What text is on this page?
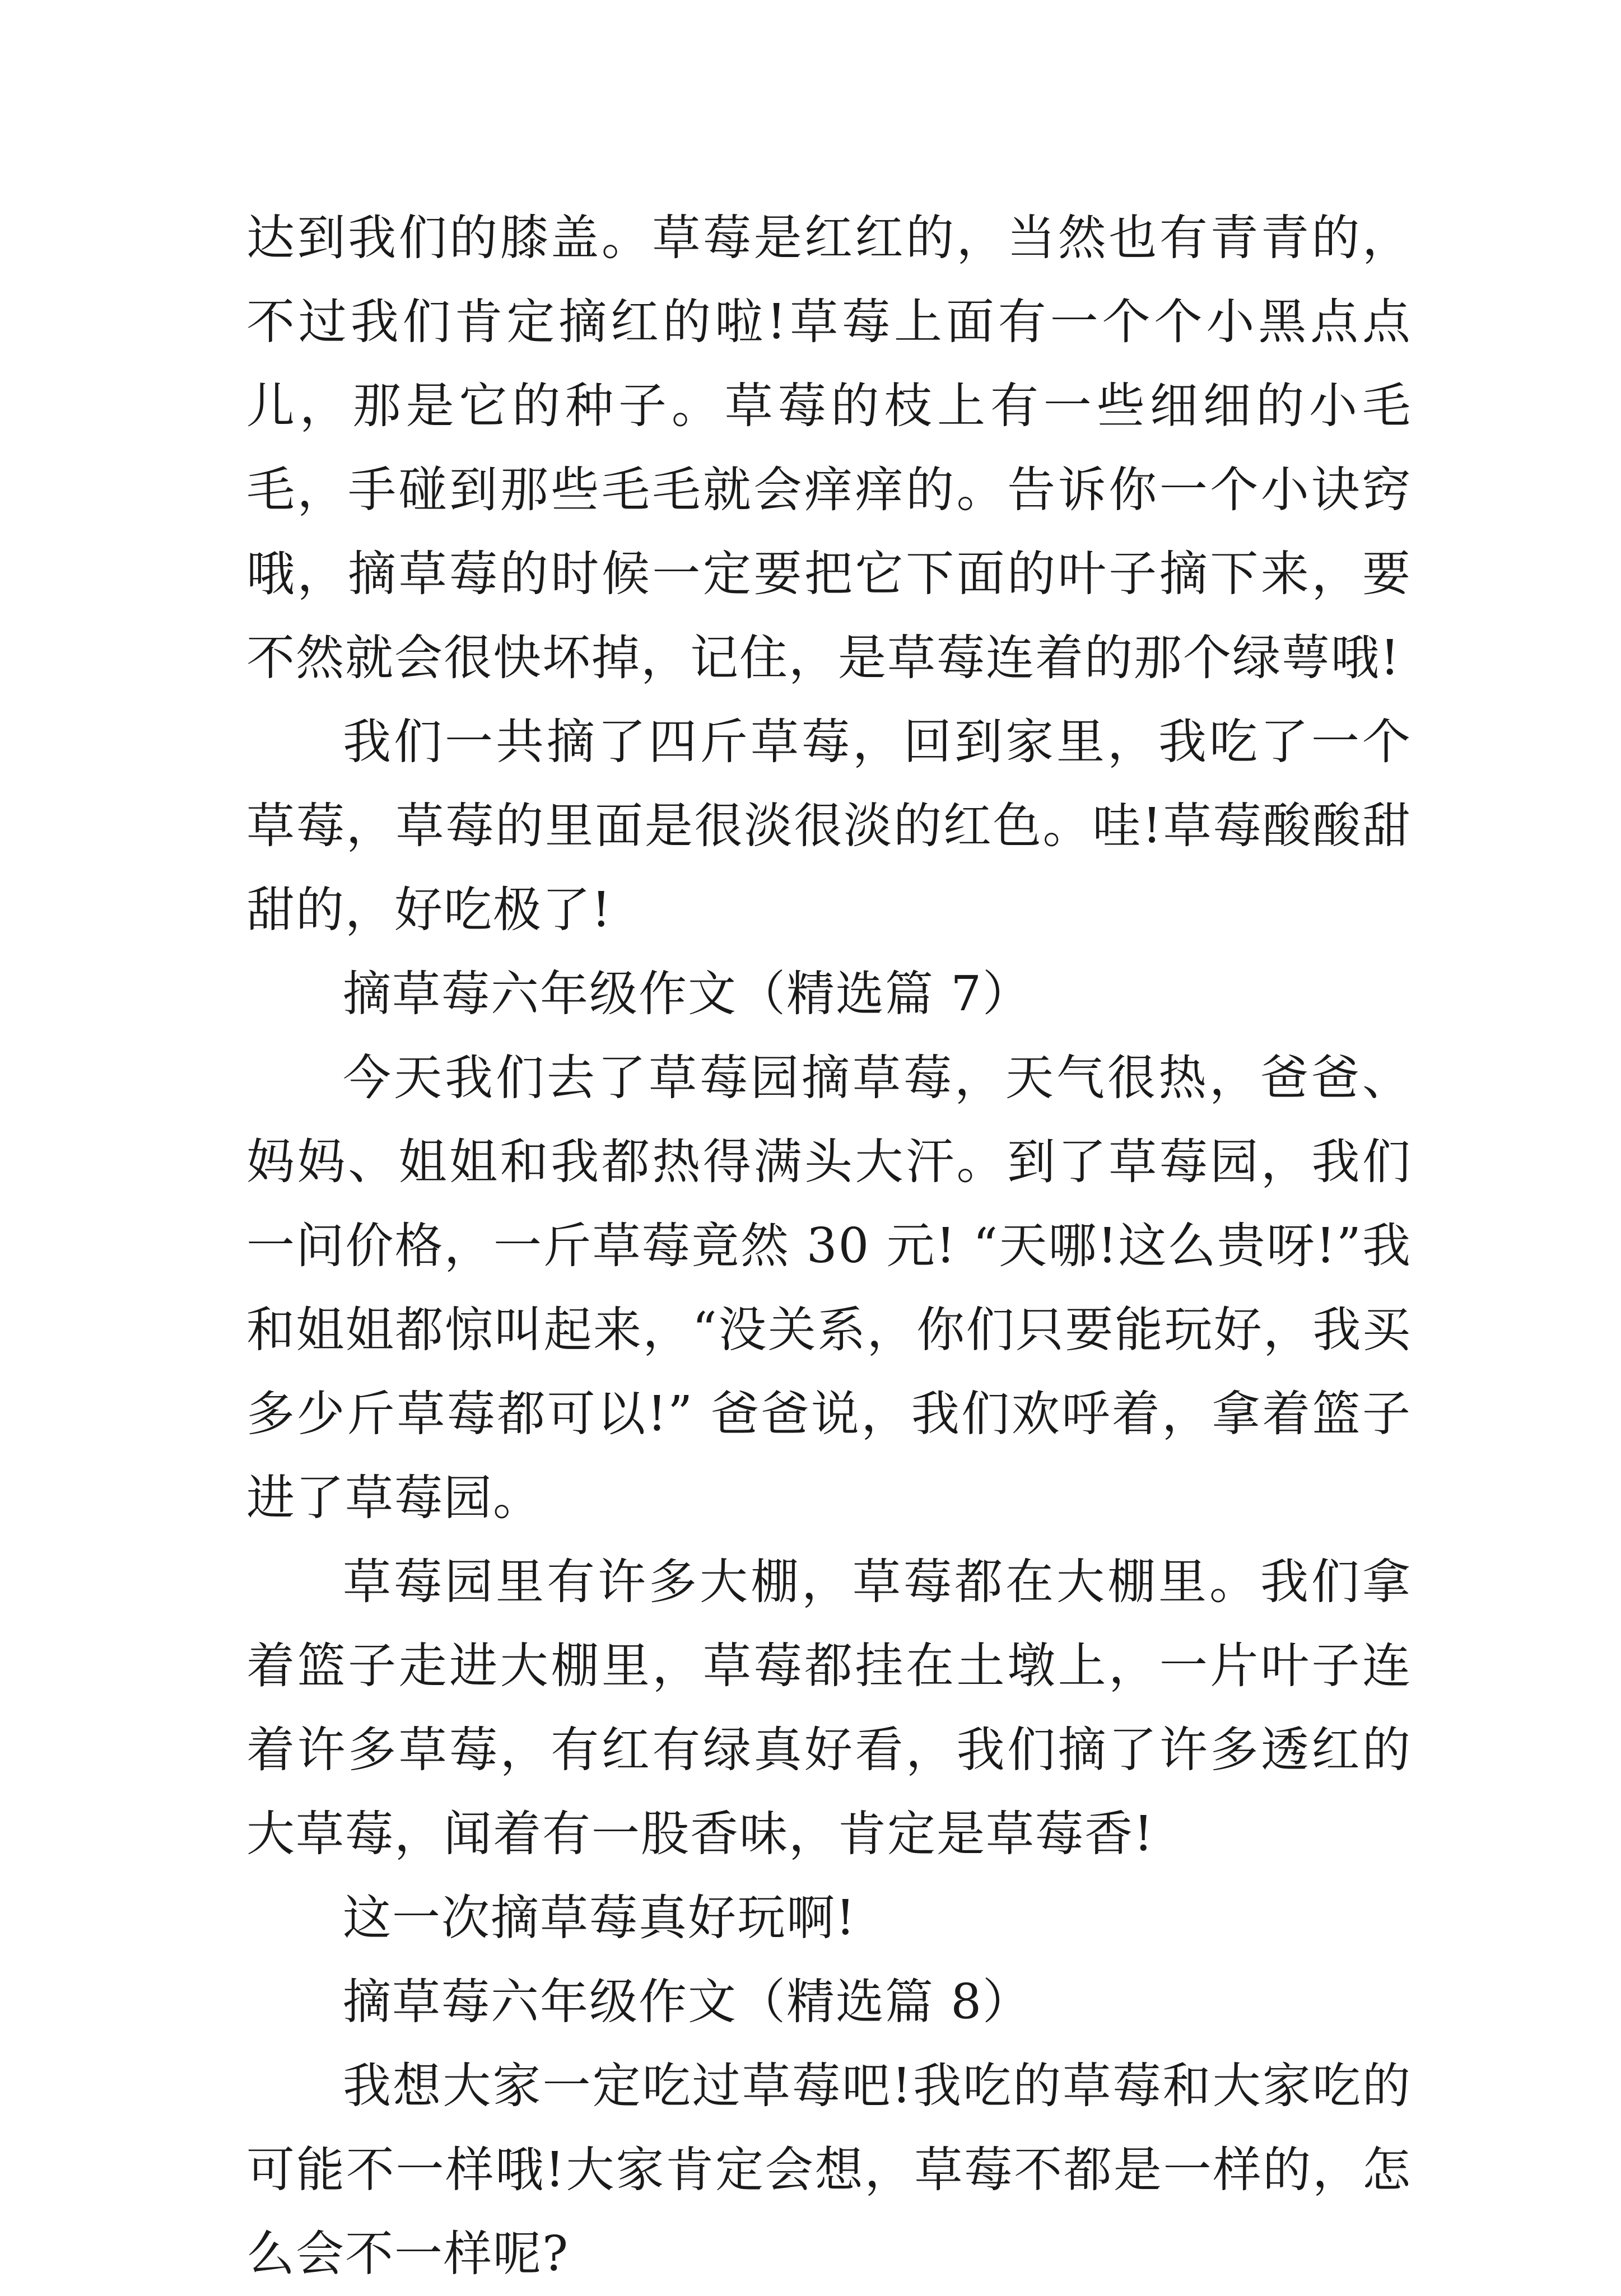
达到我们的膝盖。草莓是红红的，当然也有青青的，不过我们肯定摘红的啦!草莓上面有一个个小黑点点儿，那是它的种子。草莓的枝上有一些细细的小毛毛，手碰到那些毛毛就会痒痒的。告诉你一个小诀窍哦，摘草莓的时候一定要把它下面的叶子摘下来，要不然就会很快坏掉，记住，是草莓连着的那个绿萼哦!

我们一共摘了四斤草莓，回到家里，我吃了一个草莓，草莓的里面是很淡很淡的红色。哇!草莓酸酸甜甜的，好吃极了!

摘草莓六年级作文（精选篇 7）

今天我们去了草莓园摘草莓，天气很热，爸爸、妈妈、姐姐和我都热得满头大汗。到了草莓园，我们一问价格，一斤草莓竟然 30 元! “天哪!这么贵呀!”我和姐姐都惊叫起来，“没关系，你们只要能玩好，我买多少斤草莓都可以!” 爸爸说，我们欢呼着，拿着篮子进了草莓园。

草莓园里有许多大棚，草莓都在大棚里。我们拿着篮子走进大棚里，草莓都挂在土墩上，一片叶子连着许多草莓，有红有绿真好看，我们摘了许多透红的大草莓，闻着有一股香味，肯定是草莓香!

这一次摘草莓真好玩啊!

摘草莓六年级作文（精选篇 8）

我想大家一定吃过草莓吧!我吃的草莓和大家吃的可能不一样哦!大家肯定会想，草莓不都是一样的，怎么会不一样呢?
